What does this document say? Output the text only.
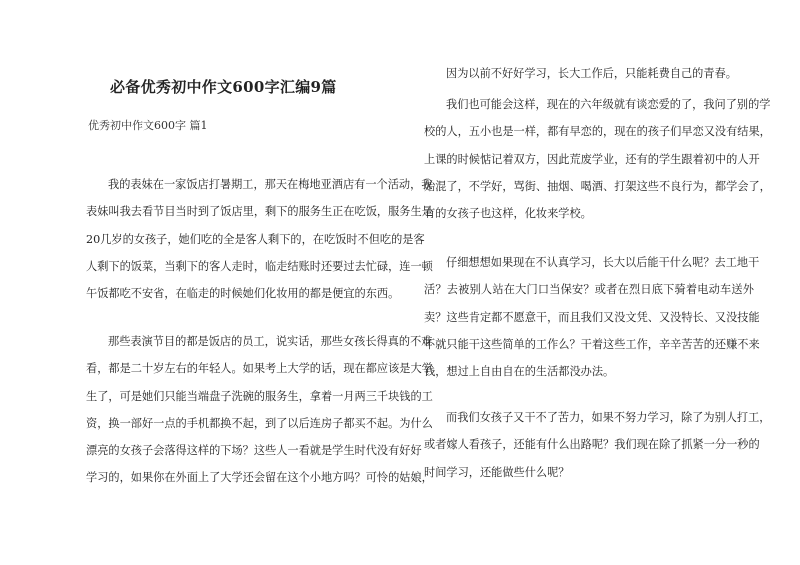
必备优秀初中作文600字汇编9篇
优秀初中作文600字 篇1
我的表妹在一家饭店打暑期工，那天在梅地亚酒店有一个活动，我
表妹叫我去看节目当时到了饭店里，剩下的服务生正在吃饭，服务生是
20几岁的女孩子，她们吃的全是客人剩下的，在吃饭时不但吃的是客
人剩下的饭菜，当剩下的客人走时，临走结账时还要过去忙碌，连一顿
午饭都吃不安省，在临走的时候她们化妆用的都是便宜的东西。
那些表演节目的都是饭店的员工，说实话，那些女孩长得真的不难
看，都是二十岁左右的年轻人。如果考上大学的话，现在都应该是大学
生了，可是她们只能当端盘子洗碗的服务生，拿着一月两三千块钱的工
资，换一部好一点的手机都换不起，到了以后连房子都买不起。为什么
漂亮的女孩子会落得这样的下场？这些人一看就是学生时代没有好好
学习的，如果你在外面上了大学还会留在这个小地方吗？可怜的姑娘，
因为以前不好好学习，长大工作后，只能耗费自己的青春。
我们也可能会这样，现在的六年级就有谈恋爱的了，我问了别的学
校的人，五小也是一样，都有早恋的，现在的孩子们早恋又没有结果，
上课的时候惦记着双方，因此荒废学业，还有的学生跟着初中的人开
始混了，不学好，骂街、抽烟、喝酒、打架这些不良行为，都学会了，
有的女孩子也这样，化妆来学校。
仔细想想如果现在不认真学习，长大以后能干什么呢？去工地干
活？去被别人站在大门口当保安？或者在烈日底下骑着电动车送外
卖？这些肯定都不愿意干，而且我们又没文凭、又没特长、又没技能
不就只能干这些简单的工作么？干着这些工作，辛辛苦苦的还赚不来
钱，想过上自由自在的生活都没办法。
而我们女孩子又干不了苦力，如果不努力学习，除了为别人打工，
或者嫁人看孩子，还能有什么出路呢？我们现在除了抓紧一分一秒的
时间学习，还能做些什么呢？
